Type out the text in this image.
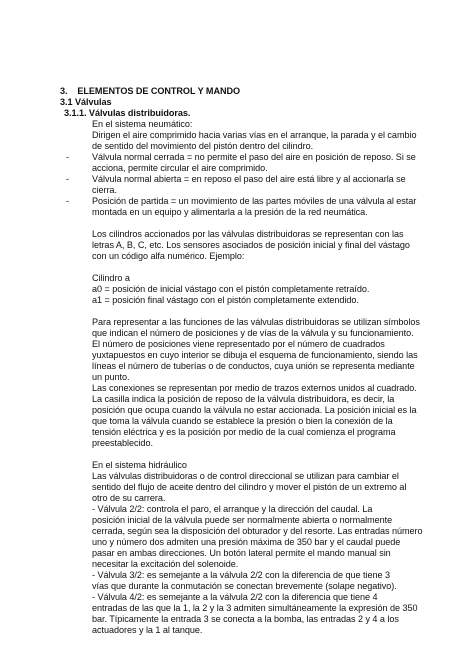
3. ELEMENTOS DE CONTROL Y MANDO
3.1 Válvulas
3.1.1. Válvulas distribuidoras.
En el sistema neumático:
Dirigen el aire comprimido hacia varias vías en el arranque, la parada y el cambio
de sentido del movimiento del pistón dentro del cilindro.
-	Válvula normal cerrada = no permite el paso del aire en posición de reposo. Si se
acciona, permite circular el aire comprimido.
-	Válvula normal abierta = en reposo el paso del aire está libre y al accionarla se
cierra.
-	Posición de partida = un movimiento de las partes móviles de una válvula al estar
montada en un equipo y alimentarla a la presión de la red neumática.
Los cilindros accionados por las válvulas distribuidoras se representan con las
letras A, B, C, etc. Los sensores asociados de posición inicial y final del vástago
con un código alfa numérico. Ejemplo:
Cilindro a
a0 = posición de inicial vástago con el pistón completamente retraído.
a1 = posición final vástago con el pistón completamente extendido.
Para representar a las funciones de las válvulas distribuidoras se utilizan símbolos
que indican el número de posiciones y de vías de la válvula y su funcionamiento.
El número de posiciones viene representado por el número de cuadrados
yuxtapuestos en cuyo interior se dibuja el esquema de funcionamiento, siendo las
líneas el número de tuberías o de conductos, cuya unión se representa mediante
un punto.
Las conexiones se representan por medio de trazos externos unidos al cuadrado.
La casilla indica la posición de reposo de la válvula distribuidora, es decir, la
posición que ocupa cuando la válvula no estar accionada. La posición inicial es la
que toma la válvula cuando se establece la presión o bien la conexión de la
tensión eléctrica y es la posición por medio de la cual comienza el programa
preestablecido.
En el sistema hidráulico
Las válvulas distribuidoras o de control direccional se utilizan para cambiar el
sentido del flujo de aceite dentro del cilindro y mover el pistón de un extremo al
otro de su carrera.
- Válvula 2/2: controla el paro, el arranque y la dirección del caudal. La
posición inicial de la válvula puede ser normalmente abierta o normalmente
cerrada, según sea la disposición del obturador y del resorte. Las entradas número
uno y número dos admiten una presión máxima de 350 bar y el caudal puede
pasar en ambas direcciones. Un botón lateral permite el mando manual sin
necesitar la excitación del solenoide.
- Válvula 3/2: es semejante a la válvula 2/2 con la diferencia de que tiene 3
vías que durante la conmutación se conectan brevemente (solape negativo).
- Válvula 4/2: es semejante a la válvula 2/2 con la diferencia que tiene 4
entradas de las que la 1, la 2 y la 3 admiten simultáneamente la expresión de 350
bar. Típicamente la entrada 3 se conecta a la bomba, las entradas 2 y 4 a los
actuadores y la 1 al tanque.
